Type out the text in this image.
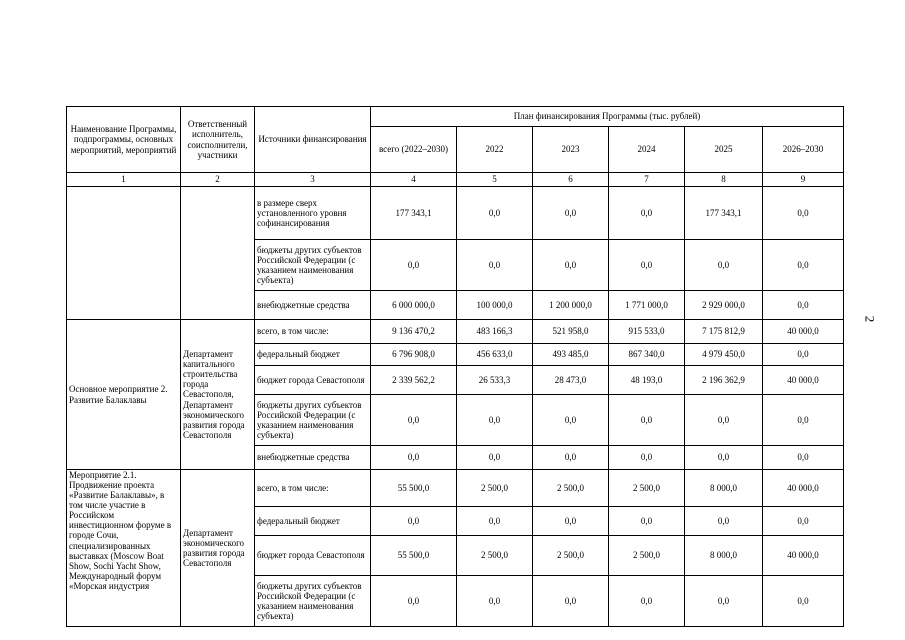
2
Наименование Программы, подпрограммы, основных мероприятий, мероприятий	Ответственный исполнитель, соисполнители, участники	Источники финансирования	План финансирования Программы (тыс. рублей)					
			всего (2022–2030)	2022	2023	2024	2025	2026–2030
1	2	3	4	5	6	7	8	9
		в размере сверх установленного уровня софинансирования	177 343,1	0,0	0,0	0,0	177 343,1	0,0
		бюджеты других субъектов Российской Федерации (с указанием наименования субъекта)	0,0	0,0	0,0	0,0	0,0	0,0
		внебюджетные средства	6 000 000,0	100 000,0	1 200 000,0	1 771 000,0	2 929 000,0	0,0
Основное мероприятие 2. Развитие Балаклавы	Департамент капитального строительства города Севастополя, Департамент экономического развития города Севастополя	всего, в том числе:	9 136 470,2	483 166,3	521 958,0	915 533,0	7 175 812,9	40 000,0
		федеральный бюджет	6 796 908,0	456 633,0	493 485,0	867 340,0	4 979 450,0	0,0
		бюджет города Севастополя	2 339 562,2	26 533,3	28 473,0	48 193,0	2 196 362,9	40 000,0
		бюджеты других субъектов Российской Федерации (с указанием наименования субъекта)	0,0	0,0	0,0	0,0	0,0	0,0
		внебюджетные средства	0,0	0,0	0,0	0,0	0,0	0,0
Мероприятие 2.1. Продвижение проекта «Развитие Балаклавы», в том числе участие в Российском инвестиционном форуме в городе Сочи, специализированных выставках (Moscow Boat Show, Sochi Yacht Show, Международный форум «Морская индустрия	Департамент экономического развития города Севастополя	всего, в том числе:	55 500,0	2 500,0	2 500,0	2 500,0	8 000,0	40 000,0
		федеральный бюджет	0,0	0,0	0,0	0,0	0,0	0,0
		бюджет города Севастополя	55 500,0	2 500,0	2 500,0	2 500,0	8 000,0	40 000,0
		бюджеты других субъектов Российской Федерации (с указанием наименования субъекта)	0,0	0,0	0,0	0,0	0,0	0,0
